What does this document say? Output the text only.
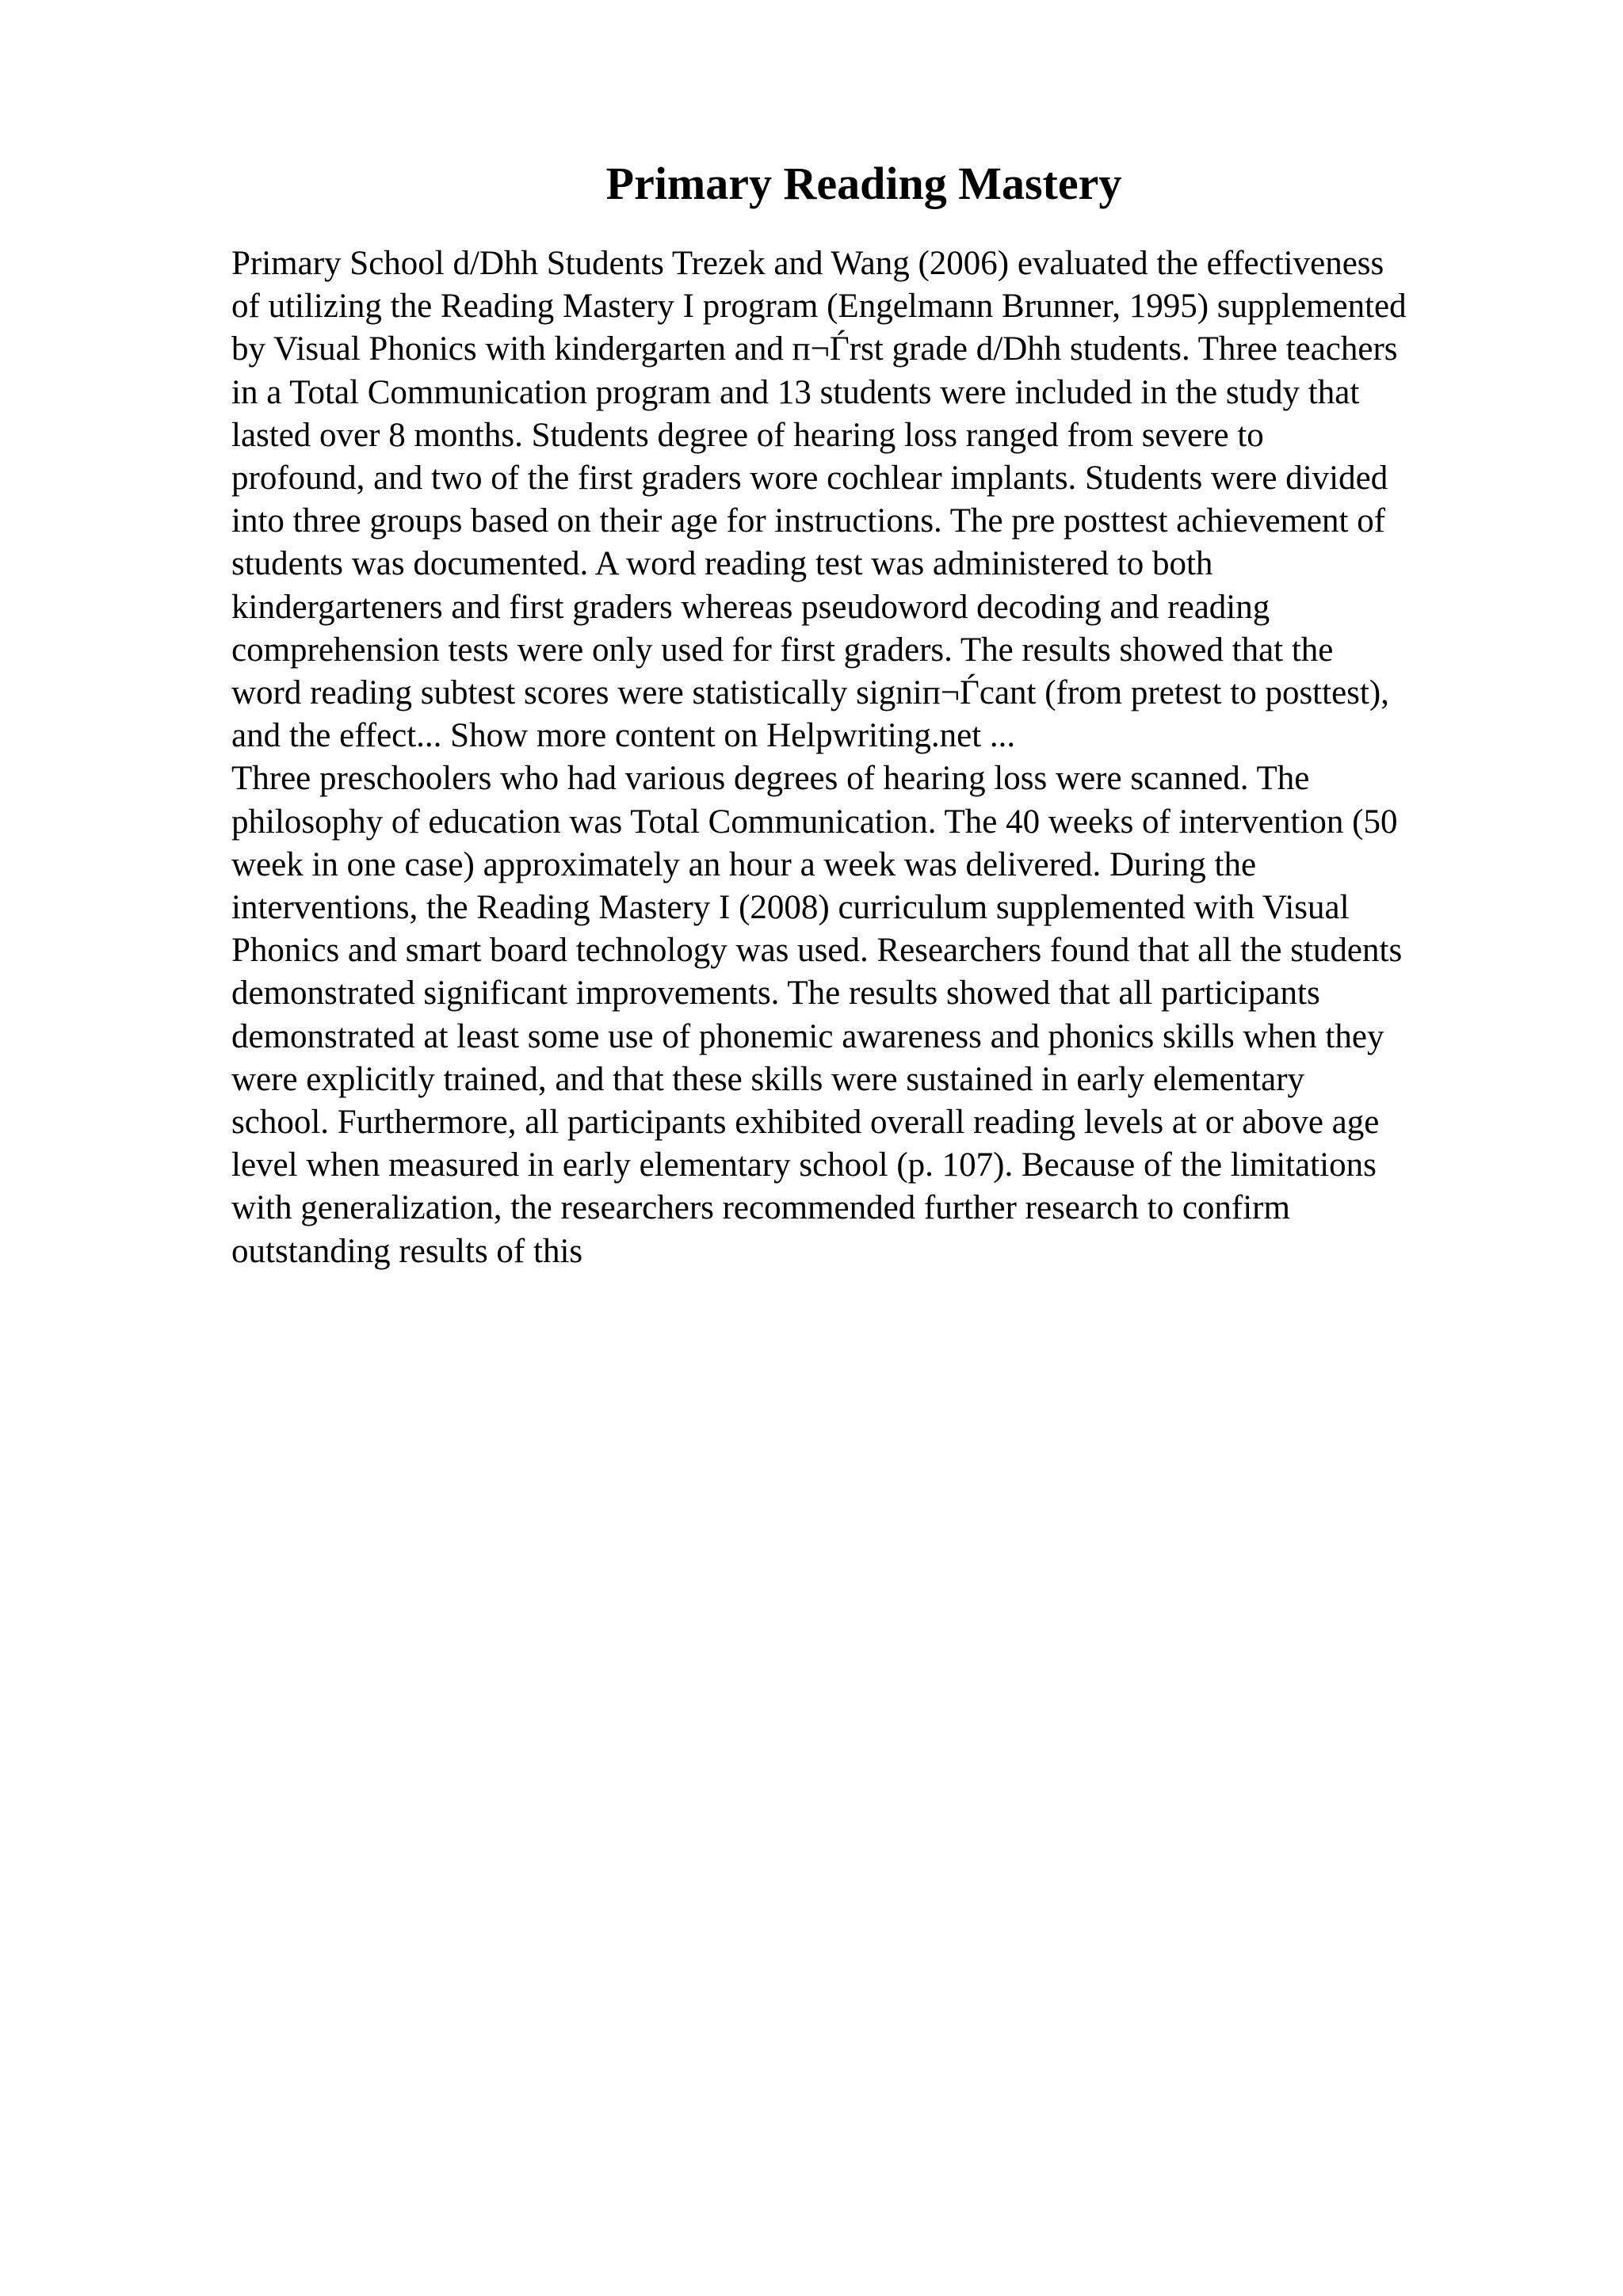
Primary Reading Mastery
Primary School d/Dhh Students Trezek and Wang (2006) evaluated the effectiveness
of utilizing the Reading Mastery I program (Engelmann Brunner, 1995) supplemented
by Visual Phonics with kindergarten and п¬Ѓrst grade d/Dhh students. Three teachers
in a Total Communication program and 13 students were included in the study that
lasted over 8 months. Students degree of hearing loss ranged from severe to
profound, and two of the first graders wore cochlear implants. Students were divided
into three groups based on their age for instructions. The pre posttest achievement of
students was documented. A word reading test was administered to both
kindergarteners and first graders whereas pseudoword decoding and reading
comprehension tests were only used for first graders. The results showed that the
word reading subtest scores were statistically signiп¬Ѓcant (from pretest to posttest),
and the effect... Show more content on Helpwriting.net ...
Three preschoolers who had various degrees of hearing loss were scanned. The
philosophy of education was Total Communication. The 40 weeks of intervention (50
week in one case) approximately an hour a week was delivered. During the
interventions, the Reading Mastery I (2008) curriculum supplemented with Visual
Phonics and smart board technology was used. Researchers found that all the students
demonstrated significant improvements. The results showed that all participants
demonstrated at least some use of phonemic awareness and phonics skills when they
were explicitly trained, and that these skills were sustained in early elementary
school. Furthermore, all participants exhibited overall reading levels at or above age
level when measured in early elementary school (p. 107). Because of the limitations
with generalization, the researchers recommended further research to confirm
outstanding results of this
